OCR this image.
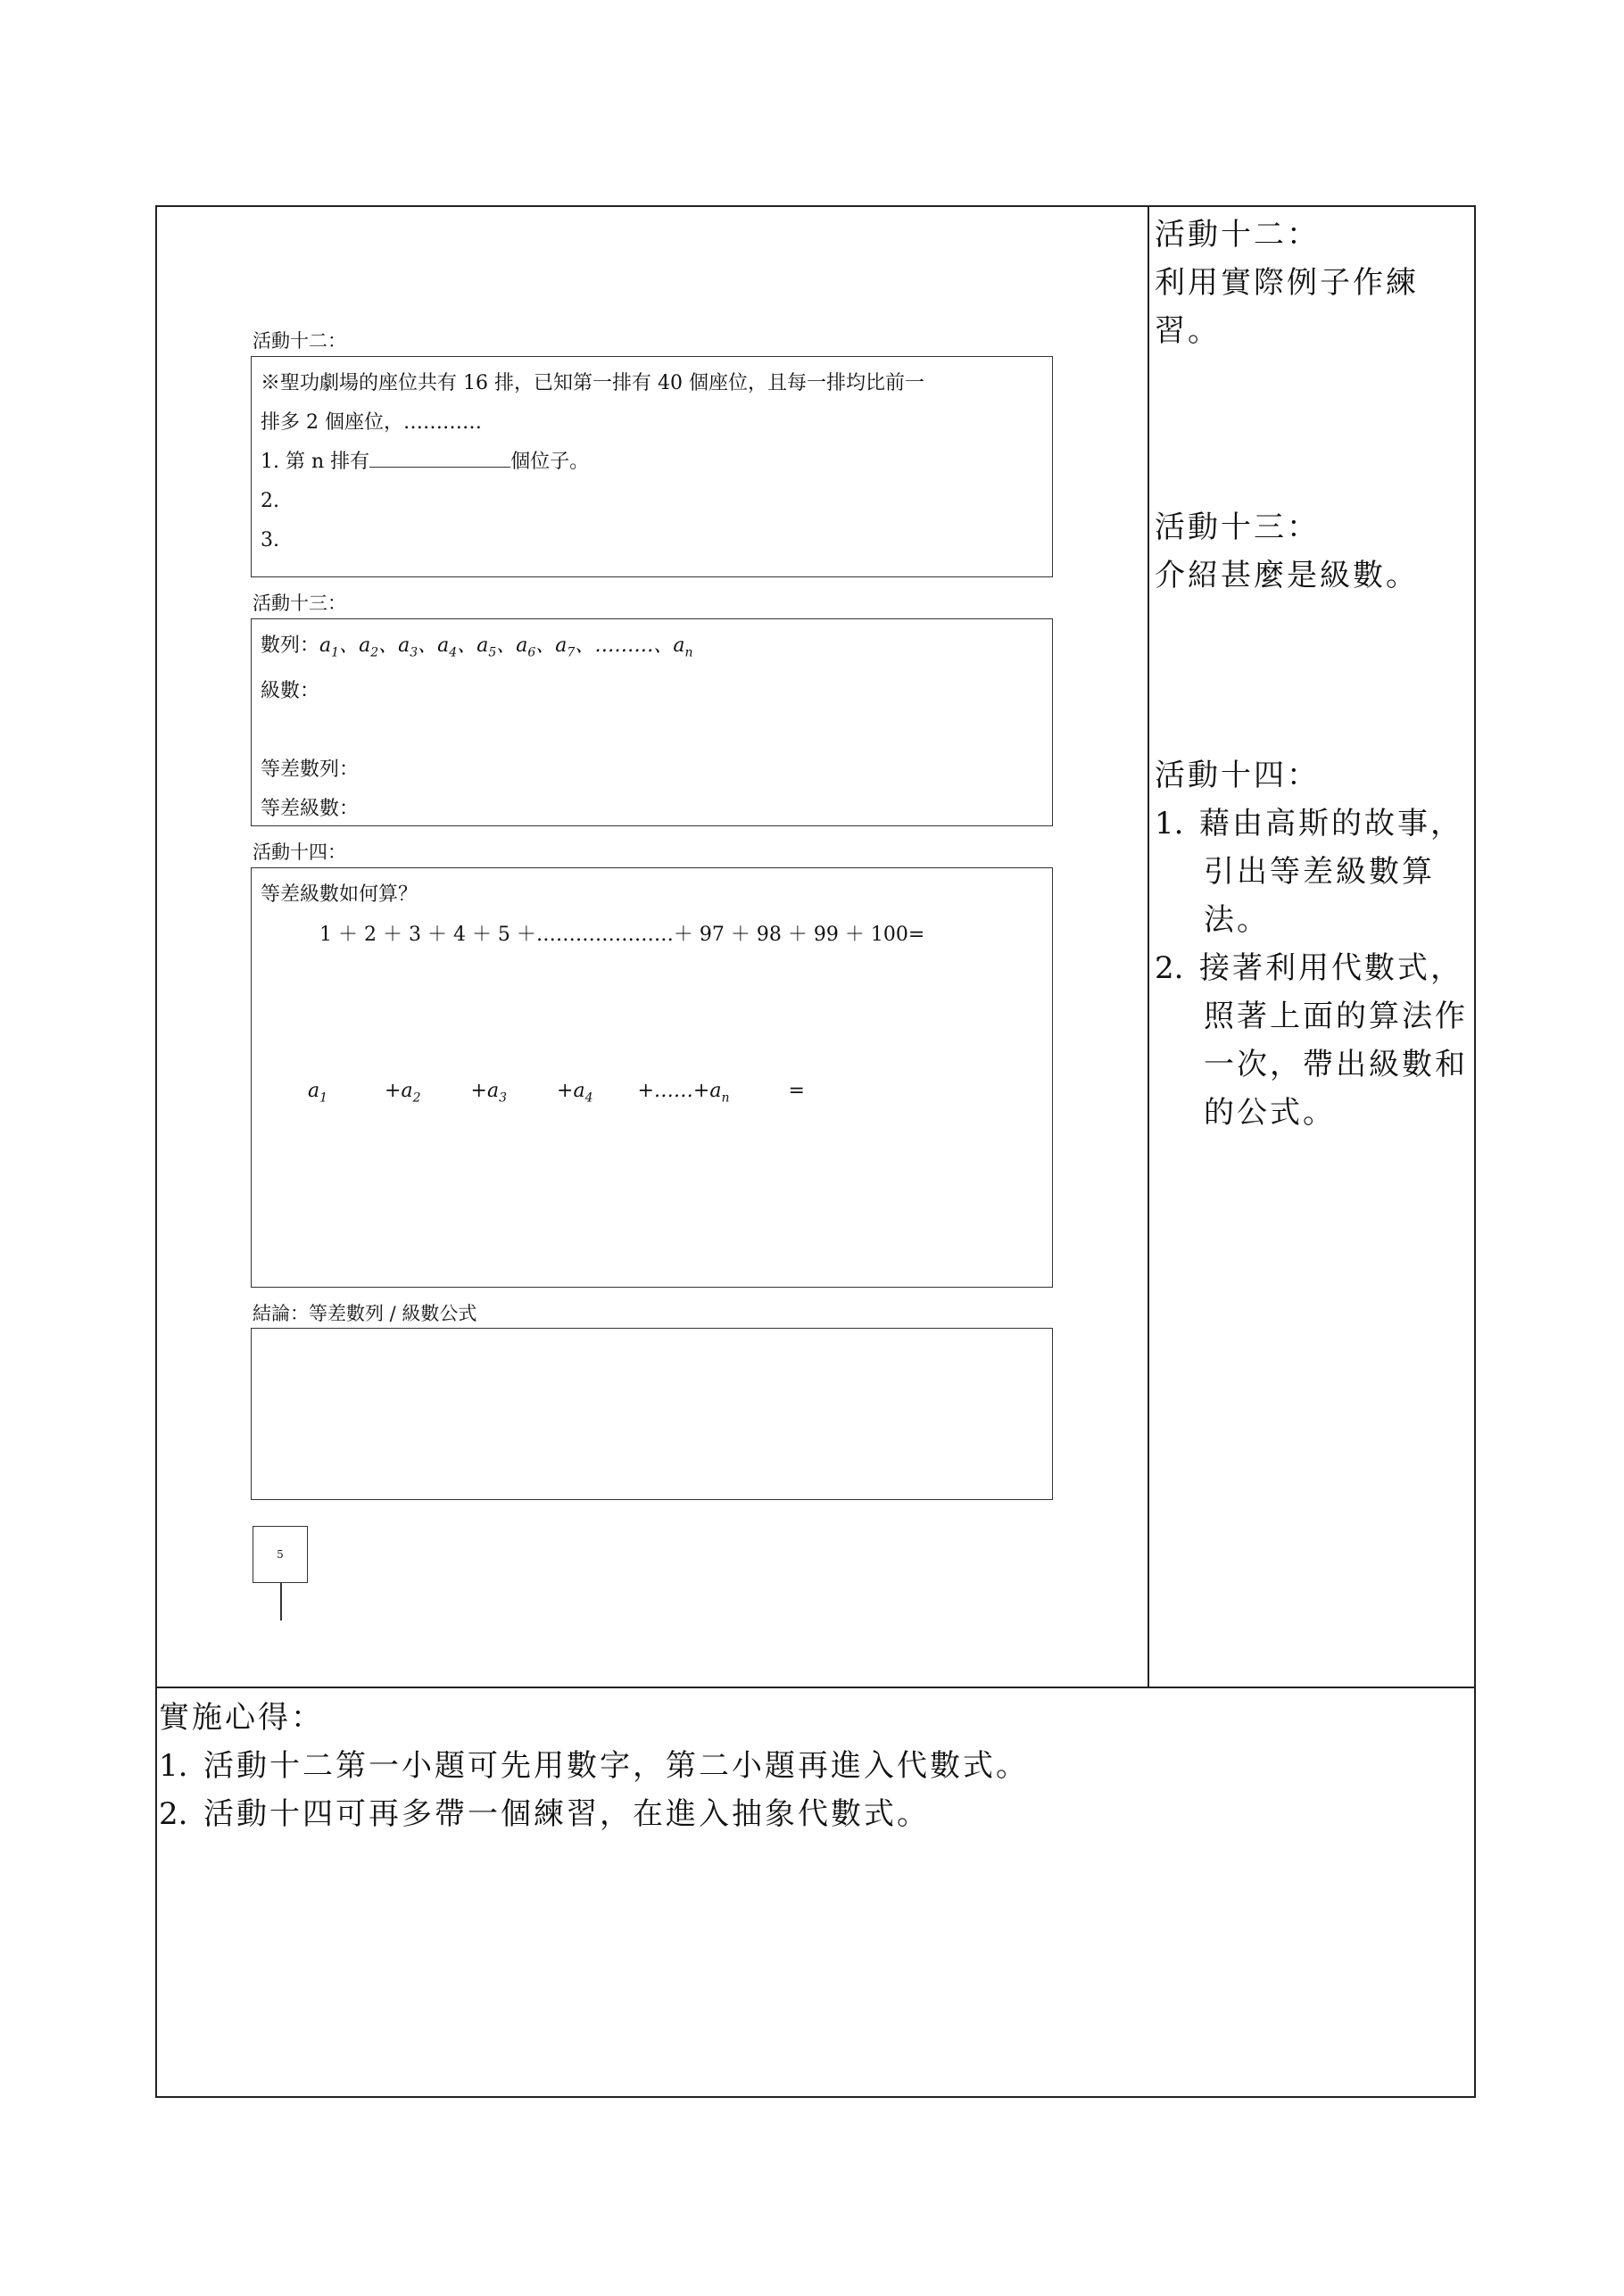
活動十二：
※聖功劇場的座位共有 16 排，已知第一排有 40 個座位，且每一排均比前一
排多 2 個座位，…………
1. 第 n 排有	個位子。
2.
3.
活動十三：
數列：$a_1$、$a_2$、$a_3$、$a_4$、$a_5$、$a_6$、$a_7$、………、$a_n$
級數：

等差數列：
等差級數：
活動十四：
等差級數如何算？
1 ＋ 2 ＋ 3 ＋ 4 ＋ 5 ＋…………………＋ 97 ＋ 98 ＋ 99 ＋ 100=
$a_1$	$+a_2$	$+a_3$	$+a_4$ $+\dots\dots+a_n$	=
結論：等差數列 / 級數公式
5
活動十二：
利用實際例子作練
習。
活動十三：
介紹甚麼是級數。
活動十四：
1. 藉由高斯的故事，
引出等差級數算
法。
2. 接著利用代數式，
照著上面的算法作
一次，帶出級數和
的公式。
實施心得：
1. 活動十二第一小題可先用數字，第二小題再進入代數式。
2. 活動十四可再多帶一個練習，在進入抽象代數式。
